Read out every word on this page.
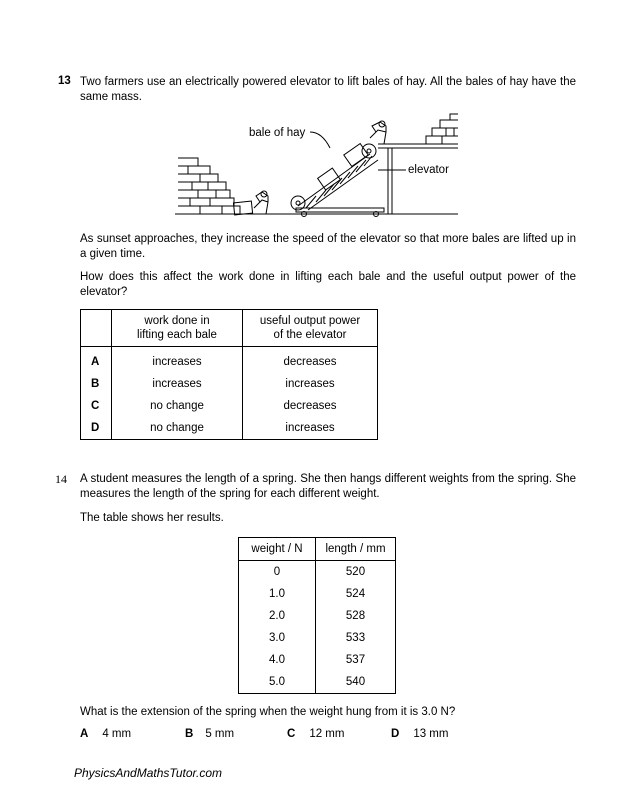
13 Two farmers use an electrically powered elevator to lift bales of hay. All the bales of hay have the same mass.
bale of hay
elevator
As sunset approaches, they increase the speed of the elevator so that more bales are lifted up in a given time.
How does this affect the work done in lifting each bale and the useful output power of the elevator?

	work done in lifting each bale	useful output power of the elevator

A	increases	decreases
B	increases	increases
C	no change	decreases
D	no change	increases
14 A student measures the length of a spring. She then hangs different weights from the spring. She measures the length of the spring for each different weight.
The table shows her results.
weight / N	length / mm
0	520
1.0	524
2.0	528
3.0	533
4.0	537
5.0	540
What is the extension of the spring when the weight hung from it is 3.0 N?
A 4 mm	B 5 mm	C 12 mm	D 13 mm
PhysicsAndMathsTutor.com
